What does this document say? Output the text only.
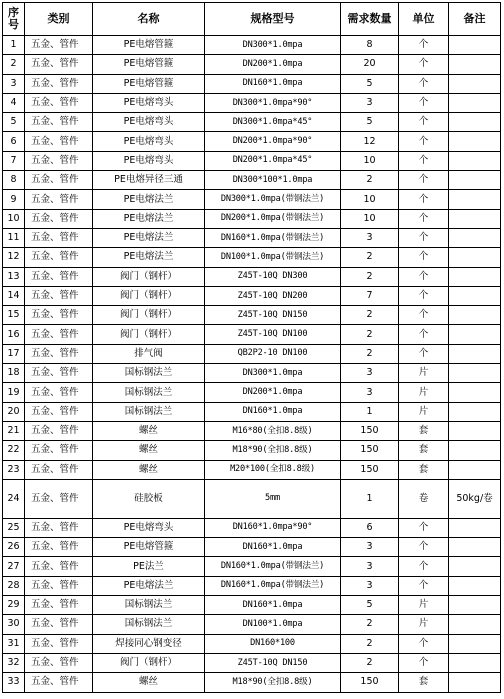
序号	类别	名称	规格型号	需求数量	单位	备注
1	五金、管件	PE电熔管箍	DN300*1.0mpa	8	个	
2	五金、管件	PE电熔管箍	DN200*1.0mpa	20	个	
3	五金、管件	PE电熔管箍	DN160*1.0mpa	5	个	
4	五金、管件	PE电熔弯头	DN300*1.0mpa*90°	3	个	
5	五金、管件	PE电熔弯头	DN300*1.0mpa*45°	5	个	
6	五金、管件	PE电熔弯头	DN200*1.0mpa*90°	12	个	
7	五金、管件	PE电熔弯头	DN200*1.0mpa*45°	10	个	
8	五金、管件	PE电熔异径三通	DN300*100*1.0mpa	2	个	
9	五金、管件	PE电熔法兰	DN300*1.0mpa(带钢法兰)	10	个	
10	五金、管件	PE电熔法兰	DN200*1.0mpa(带钢法兰)	10	个	
11	五金、管件	PE电熔法兰	DN160*1.0mpa(带钢法兰)	3	个	
12	五金、管件	PE电熔法兰	DN100*1.0mpa(带钢法兰)	2	个	
13	五金、管件	阀门（钢杆）	Z45T-10Q DN300	2	个	
14	五金、管件	阀门（钢杆）	Z45T-10Q DN200	7	个	
15	五金、管件	阀门（钢杆）	Z45T-10Q DN150	2	个	
16	五金、管件	阀门（钢杆）	Z45T-10Q DN100	2	个	
17	五金、管件	排气阀	QB2P2-10 DN100	2	个	
18	五金、管件	国标钢法兰	DN300*1.0mpa	3	片	
19	五金、管件	国标钢法兰	DN200*1.0mpa	3	片	
20	五金、管件	国标钢法兰	DN160*1.0mpa	1	片	
21	五金、管件	螺丝	M16*80(全扣8.8级)	150	套	
22	五金、管件	螺丝	M18*90(全扣8.8级)	150	套	
23	五金、管件	螺丝	M20*100(全扣8.8级)	150	套	
24	五金、管件	硅胶板	5mm	1	卷	50kg/卷
25	五金、管件	PE电熔弯头	DN160*1.0mpa*90°	6	个	
26	五金、管件	PE电熔管箍	DN160*1.0mpa	3	个	
27	五金、管件	PE法兰	DN160*1.0mpa(带钢法兰)	3	个	
28	五金、管件	PE电熔法兰	DN160*1.0mpa(带钢法兰)	3	个	
29	五金、管件	国标钢法兰	DN160*1.0mpa	5	片	
30	五金、管件	国标钢法兰	DN100*1.0mpa	2	片	
31	五金、管件	焊接同心钢变径	DN160*100	2	个	
32	五金、管件	阀门（钢杆）	Z45T-10Q DN150	2	个	
33	五金、管件	螺丝	M18*90(全扣8.8级)	150	套	
